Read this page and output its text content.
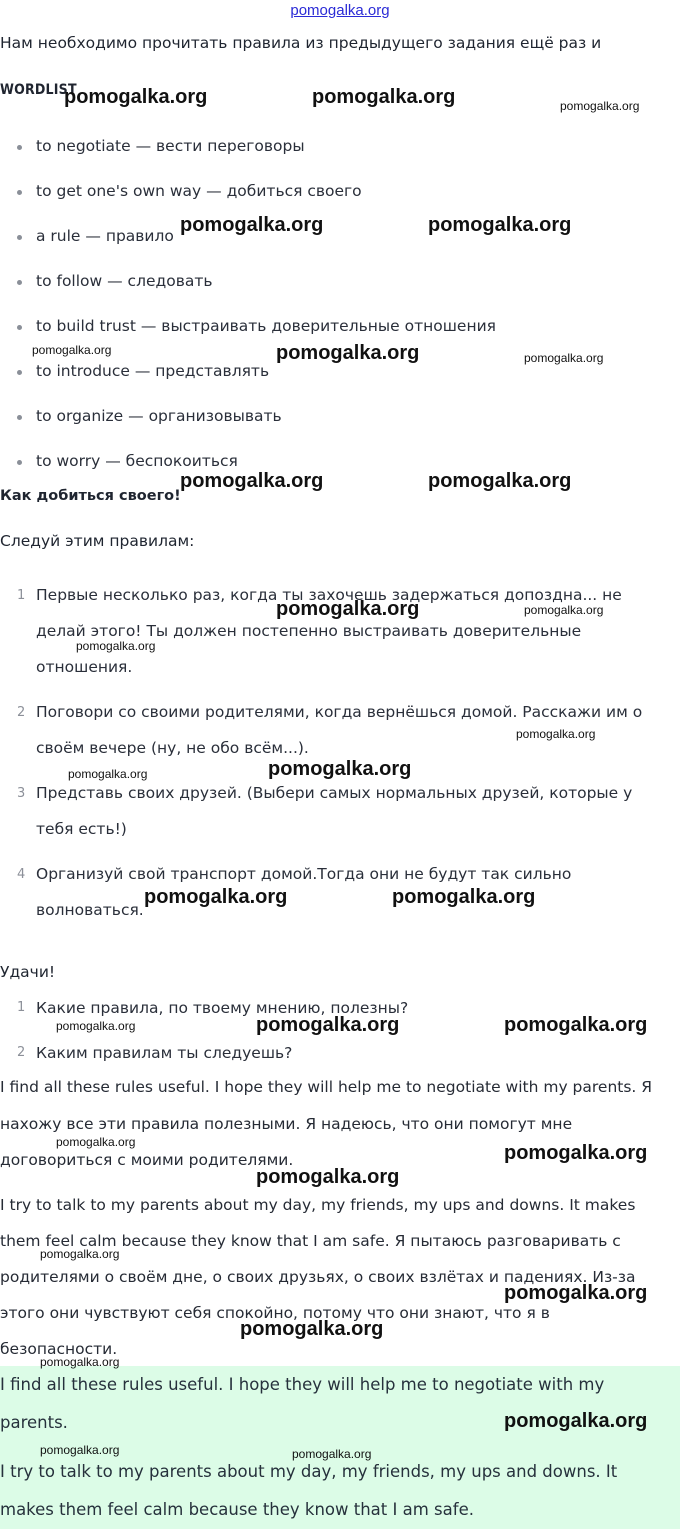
pomogalka.org
Нам необходимо прочитать правила из предыдущего задания ещё раз и
WORDLIST
to negotiate — вести переговоры
to get one's own way — добиться своего
a rule — правило
to follow — следовать
to build trust — выстраивать доверительные отношения
to introduce — представлять
to organize — организовывать
to worry — беспокоиться
Как добиться своего!
Следуй этим правилам:
1 Первые несколько раз, когда ты захочешь задержаться допоздна... не
делай этого! Ты должен постепенно выстраивать доверительные
отношения.
2 Поговори со своими родителями, когда вернёшься домой. Расскажи им о
своём вечере (ну, не обо всём...).
3 Представь своих друзей. (Выбери самых нормальных друзей, которые у
тебя есть!)
4 Организуй свой транспорт домой.Тогда они не будут так сильно
волноваться.
Удачи!
1 Какие правила, по твоему мнению, полезны?
2 Каким правилам ты следуешь?
I find all these rules useful. I hope they will help me to negotiate with my parents. Я
нахожу все эти правила полезными. Я надеюсь, что они помогут мне
договориться с моими родителями.
I try to talk to my parents about my day, my friends, my ups and downs. It makes
them feel calm because they know that I am safe. Я пытаюсь разговаривать с
родителями о своём дне, о своих друзьях, о своих взлётах и падениях. Из-за
этого они чувствуют себя спокойно, потому что они знают, что я в
безопасности.
I find all these rules useful. I hope they will help me to negotiate with my
parents.
I try to talk to my parents about my day, my friends, my ups and downs. It
makes them feel calm because they know that I am safe.
pomogalka.org	pomogalka.org	pomogalka.org
pomogalka.org	pomogalka.org
pomogalka.org	pomogalka.org	pomogalka.org
pomogalka.org	pomogalka.org
pomogalka.org	pomogalka.org
pomogalka.org
pomogalka.org
pomogalka.org	pomogalka.org
pomogalka.org	pomogalka.org
pomogalka.org	pomogalka.org	pomogalka.org
pomogalka.org	pomogalka.org
pomogalka.org
pomogalka.org
pomogalka.org
pomogalka.org
pomogalka.org
pomogalka.org
pomogalka.org	pomogalka.org
